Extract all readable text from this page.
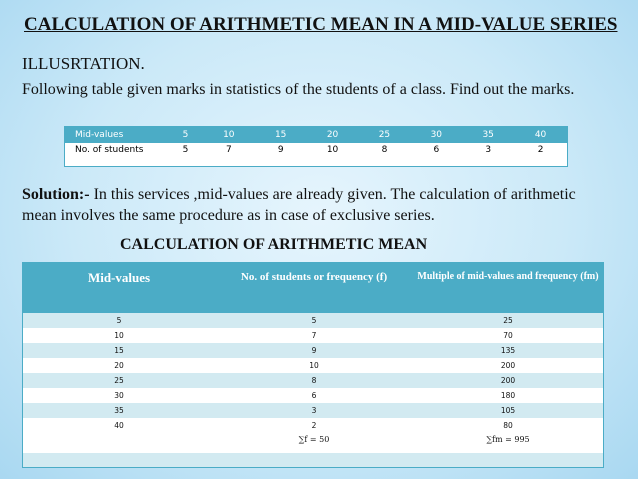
CALCULATION OF ARITHMETIC MEAN IN A MID-VALUE SERIES
ILLUSRTATION.
Following table given marks in statistics of the students of a class. Find out the marks.
Mid-values	5	10	15	20	25	30	35	40
No. of students	5	7	9	10	8	6	3	2
Solution:- In this services ,mid-values are already given. The calculation of arithmetic mean involves the same procedure as in case of exclusive series.
CALCULATION OF ARITHMETIC MEAN
Mid-values	No. of students or frequency (f)	Multiple of mid-values and frequency (fm)
5	5	25
10	7	70
15	9	135
20	10	200
25	8	200
30	6	180
35	3	105
40	2	80
	∑f = 50	∑fm = 995
